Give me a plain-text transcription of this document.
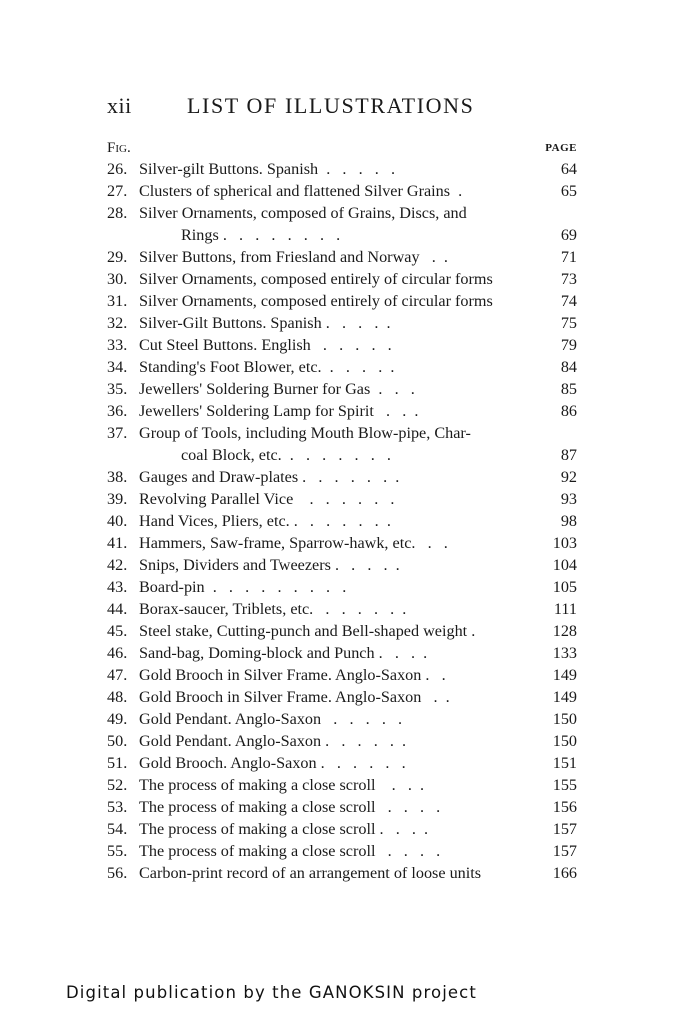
xii	LIST OF ILLUSTRATIONS
Fig.	PAGE
26. Silver-gilt Buttons. Spanish  .   .   .   .   .	64
27. Clusters of spherical and flattened Silver Grains  .	65
28. Silver Ornaments, composed of Grains, Discs, and
Rings .   .   .   .   .   .   .   .	69
29. Silver Buttons, from Friesland and Norway   .  .	71
30. Silver Ornaments, composed entirely of circular forms	73
31. Silver Ornaments, composed entirely of circular forms	74
32. Silver-Gilt Buttons. Spanish .   .   .   .  .	75
33. Cut Steel Buttons. English   .   .   .   .   .	79
34. Standing's Foot Blower, etc.  .   .   .   .  .	84
35. Jewellers' Soldering Burner for Gas  .   .   .	85
36. Jewellers' Soldering Lamp for Spirit   .   .  .	86
37. Group of Tools, including Mouth Blow-pipe, Char-
coal Block, etc.  .   .   .   .   .   .   .	87
38. Gauges and Draw-plates .   .   .   .   .   .  .	92
39. Revolving Parallel Vice    .   .   .   .   .   .	93
40. Hand Vices, Pliers, etc. .   .   .   .   .   .  .	98
41. Hammers, Saw-frame, Sparrow-hawk, etc.   .   .	103
42. Snips, Dividers and Tweezers .   .   .   .  .	104
43. Board-pin  .   .   .   .   .   .   .   .   .	105
44. Borax-saucer, Triblets, etc.   .   .   .   .   .  .	111
45. Steel stake, Cutting-punch and Bell-shaped weight .	128
46. Sand-bag, Doming-block and Punch .   .   .  .	133
47. Gold Brooch in Silver Frame. Anglo-Saxon .   .	149
48. Gold Brooch in Silver Frame. Anglo-Saxon   .  .	149
49. Gold Pendant. Anglo-Saxon   .   .   .   .   .	150
50. Gold Pendant. Anglo-Saxon .   .   .   .   .  .	150
51. Gold Brooch. Anglo-Saxon .   .   .   .   .   .	151
52. The process of making a close scroll    .   .  .	155
53. The process of making a close scroll   .   .   .   .	156
54. The process of making a close scroll .   .   .  .	157
55. The process of making a close scroll   .   .   .   .	157
56. Carbon-print record of an arrangement of loose units	166
Digital publication by the GANOKSIN project
